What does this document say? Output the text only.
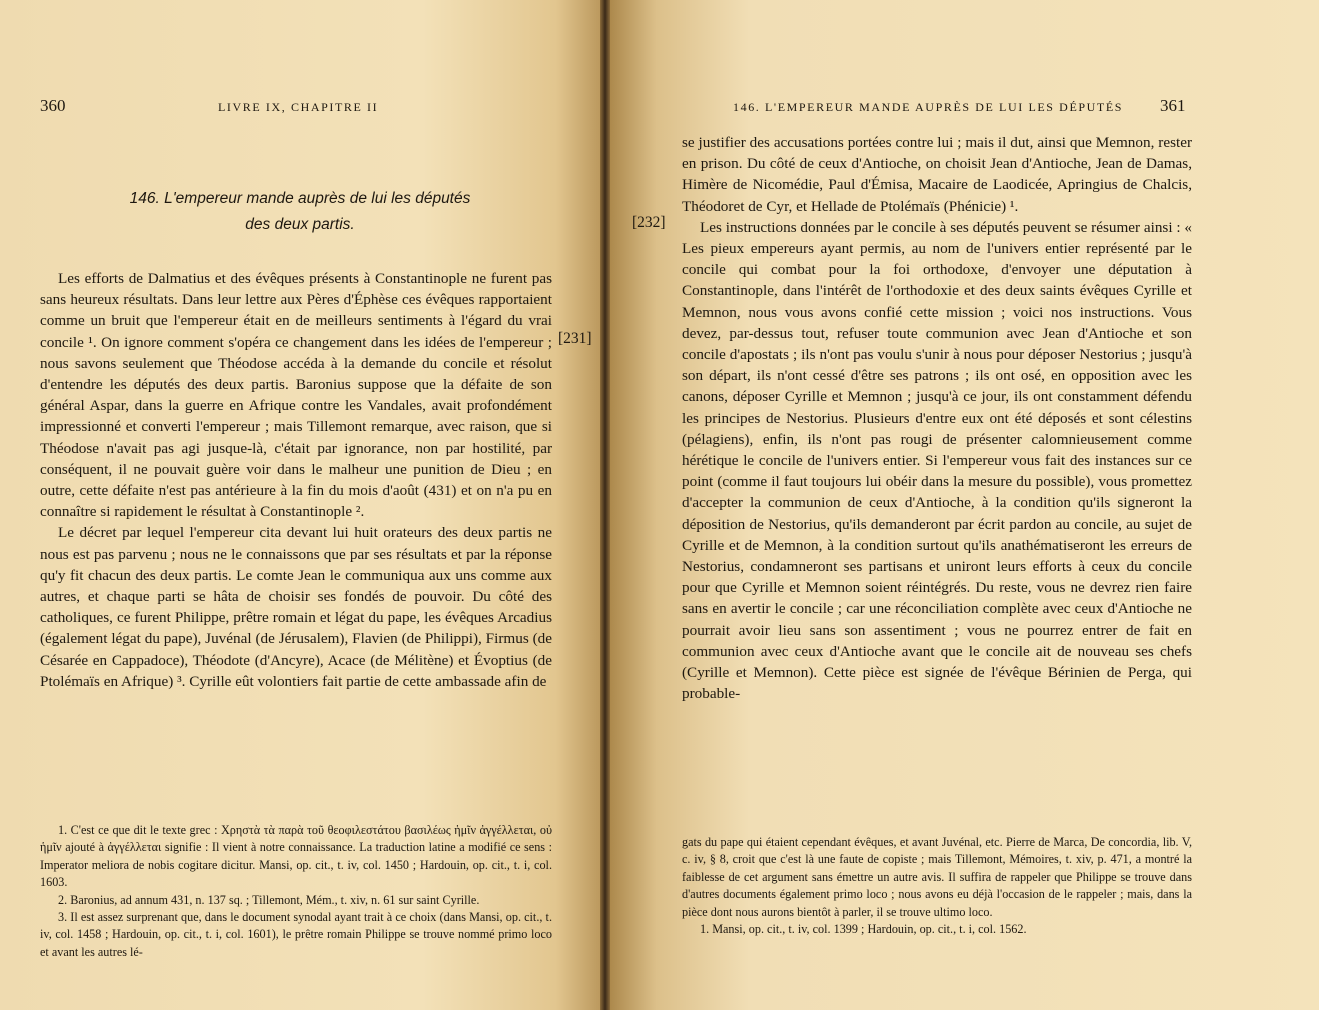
360	LIVRE IX, CHAPITRE II
146. L'empereur mande auprès de lui les députés
des deux partis.

Les efforts de Dalmatius et des évêques présents à Constantinople ne furent pas sans heureux résultats. Dans leur lettre aux Pères d'Éphèse ces évêques rapportaient comme un bruit que l'empereur était en de meilleurs sentiments à l'égard du vrai concile ¹. On ignore comment s'opéra ce changement dans les idées de l'empereur ; nous savons seulement que Théodose accéda à la demande du concile et résolut d'entendre les députés des deux partis. Baronius suppose que la défaite de son général Aspar, dans la guerre en Afrique contre les Vandales, avait profondément impressionné et converti l'empereur ; mais Tillemont remarque, avec raison, que si Théodose n'avait pas agi jusque-là, c'était par ignorance, non par hostilité, par conséquent, il ne pouvait guère voir dans le malheur une punition de Dieu ; en outre, cette défaite n'est pas antérieure à la fin du mois d'août (431) et on n'a pu en connaître si rapidement le résultat à Constantinople ².

Le décret par lequel l'empereur cita devant lui huit orateurs des deux partis ne nous est pas parvenu ; nous ne le connaissons que par ses résultats et par la réponse qu'y fit chacun des deux partis. Le comte Jean le communiqua aux uns comme aux autres, et chaque parti se hâta de choisir ses fondés de pouvoir. Du côté des catholiques, ce furent Philippe, prêtre romain et légat du pape, les évêques Arcadius (également légat du pape), Juvénal (de Jérusalem), Flavien (de Philippi), Firmus (de Césarée en Cappadoce), Théodote (d'Ancyre), Acace (de Mélitène) et Évoptius (de Ptolémaïs en Afrique) ³. Cyrille eût volontiers fait partie de cette ambassade afin de

1. C'est ce que dit le texte grec : Χρηστὰ τὰ παρὰ τοῦ θεοφιλεστάτου βασιλέως ἡμῖν ἀγγέλλεται, οὐ ἡμῖν ajouté à ἀγγέλλεται signifie : Il vient à notre connaissance. La traduction latine a modifié ce sens : Imperator meliora de nobis cogitare dicitur. Mansi, op. cit., t. iv, col. 1450 ; Hardouin, op. cit., t. i, col. 1603.

2. Baronius, ad annum 431, n. 137 sq. ; Tillemont, Mém., t. xiv, n. 61 sur saint Cyrille.

3. Il est assez surprenant que, dans le document synodal ayant trait à ce choix (dans Mansi, op. cit., t. iv, col. 1458 ; Hardouin, op. cit., t. i, col. 1601), le prêtre romain Philippe se trouve nommé primo loco et avant les autres lé-

[231]
146. L'EMPEREUR MANDE AUPRÈS DE LUI LES DÉPUTÉS 361
[232]

se justifier des accusations portées contre lui ; mais il dut, ainsi que Memnon, rester en prison. Du côté de ceux d'Antioche, on choisit Jean d'Antioche, Jean de Damas, Himère de Nicomédie, Paul d'Émisa, Macaire de Laodicée, Apringius de Chalcis, Théodoret de Cyr, et Hellade de Ptolémaïs (Phénicie) ¹.

Les instructions données par le concile à ses députés peuvent se résumer ainsi : « Les pieux empereurs ayant permis, au nom de l'univers entier représenté par le concile qui combat pour la foi orthodoxe, d'envoyer une députation à Constantinople, dans l'intérêt de l'orthodoxie et des deux saints évêques Cyrille et Memnon, nous vous avons confié cette mission ; voici nos instructions. Vous devez, par-dessus tout, refuser toute communion avec Jean d'Antioche et son concile d'apostats ; ils n'ont pas voulu s'unir à nous pour déposer Nestorius ; jusqu'à son départ, ils n'ont cessé d'être ses patrons ; ils ont osé, en opposition avec les canons, déposer Cyrille et Memnon ; jusqu'à ce jour, ils ont constamment défendu les principes de Nestorius. Plusieurs d'entre eux ont été déposés et sont célestins (pélagiens), enfin, ils n'ont pas rougi de présenter calomnieusement comme hérétique le concile de l'univers entier. Si l'empereur vous fait des instances sur ce point (comme il faut toujours lui obéir dans la mesure du possible), vous promettez d'accepter la communion de ceux d'Antioche, à la condition qu'ils signeront la déposition de Nestorius, qu'ils demanderont par écrit pardon au concile, au sujet de Cyrille et de Memnon, à la condition surtout qu'ils anathématiseront les erreurs de Nestorius, condamneront ses partisans et uniront leurs efforts à ceux du concile pour que Cyrille et Memnon soient réintégrés. Du reste, vous ne devrez rien faire sans en avertir le concile ; car une réconciliation complète avec ceux d'Antioche ne pourrait avoir lieu sans son assentiment ; vous ne pourrez entrer de fait en communion avec ceux d'Antioche avant que le concile ait de nouveau ses chefs (Cyrille et Memnon). Cette pièce est signée de l'évêque Bérinien de Perga, qui probable-

gats du pape qui étaient cependant évêques, et avant Juvénal, etc. Pierre de Marca, De concordia, lib. V, c. iv, § 8, croit que c'est là une faute de copiste ; mais Tillemont, Mémoires, t. xiv, p. 471, a montré la faiblesse de cet argument sans émettre un autre avis. Il suffira de rappeler que Philippe se trouve dans d'autres documents également primo loco ; nous avons eu déjà l'occasion de le rappeler ; mais, dans la pièce dont nous aurons bientôt à parler, il se trouve ultimo loco.

1. Mansi, op. cit., t. iv, col. 1399 ; Hardouin, op. cit., t. i, col. 1562.
